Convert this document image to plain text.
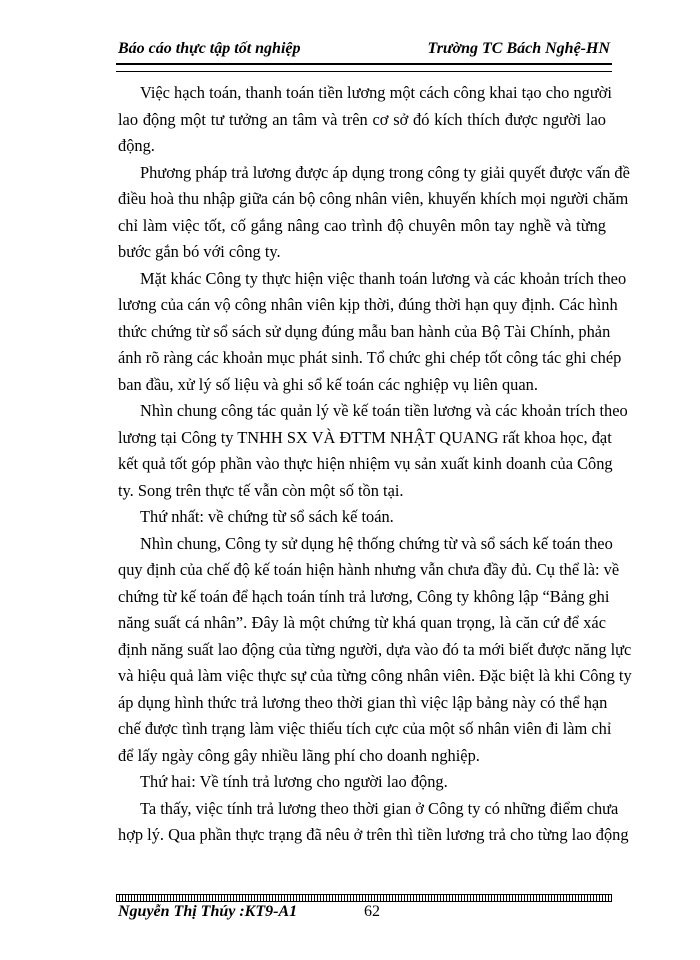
Báo cáo thực tập tốt nghiệp	Trường TC Bách Nghệ-HN
Việc hạch toán, thanh toán tiền lương một cách công khai tạo cho người
lao động một tư tưởng an tâm và trên cơ sở đó kích thích được người lao
động.
Phương pháp trả lương được áp dụng trong công ty giải quyết được vấn đề
điều hoà thu nhập giữa cán bộ công nhân viên, khuyến khích mọi người chăm
chỉ làm việc tốt, cố gắng nâng cao trình độ chuyên môn tay nghề và từng
bước gắn bó với công ty.
Mặt khác Công ty thực hiện việc thanh toán lương và các khoản trích theo
lương của cán vộ công nhân viên kịp thời, đúng thời hạn quy định. Các hình
thức chứng từ sổ sách sử dụng đúng mẫu ban hành của Bộ Tài Chính, phản
ánh rõ ràng các khoản mục phát sinh. Tổ chức ghi chép tốt công tác ghi chép
ban đầu, xử lý số liệu và ghi sổ kế toán các nghiệp vụ liên quan.
Nhìn chung công tác quản lý về kế toán tiền lương và các khoản trích theo
lương tại Công ty TNHH SX VÀ ĐTTM NHẬT QUANG rất khoa học, đạt
kết quả tốt góp phần vào thực hiện nhiệm vụ sản xuất kinh doanh của Công
ty. Song trên thực tế vẫn còn một số tồn tại.
Thứ nhất: về chứng từ sổ sách kế toán.
Nhìn chung, Công ty sử dụng hệ thống chứng từ và sổ sách kế toán theo
quy định của chế độ kế toán hiện hành nhưng vẫn chưa đầy đủ. Cụ thể là: về
chứng từ kế toán để hạch toán tính trả lương, Công ty không lập “Bảng ghi
năng suất cá nhân”. Đây là một chứng từ khá quan trọng, là căn cứ để xác
định năng suất lao động của từng người, dựa vào đó ta mới biết được năng lực
và hiệu quả làm việc thực sự của từng công nhân viên. Đặc biệt là khi Công ty
áp dụng hình thức trả lương theo thời gian thì việc lập bảng này có thể hạn
chế được tình trạng làm việc thiếu tích cực của một số nhân viên đi làm chỉ
để lấy ngày công gây nhiều lãng phí cho doanh nghiệp.
Thứ hai: Về tính trả lương cho người lao động.
Ta thấy, việc tính trả lương theo thời gian ở Công ty có những điểm chưa
hợp lý. Qua phần thực trạng đã nêu ở trên thì tiền lương trả cho từng lao động
Nguyễn Thị Thúy :KT9-A1	62
